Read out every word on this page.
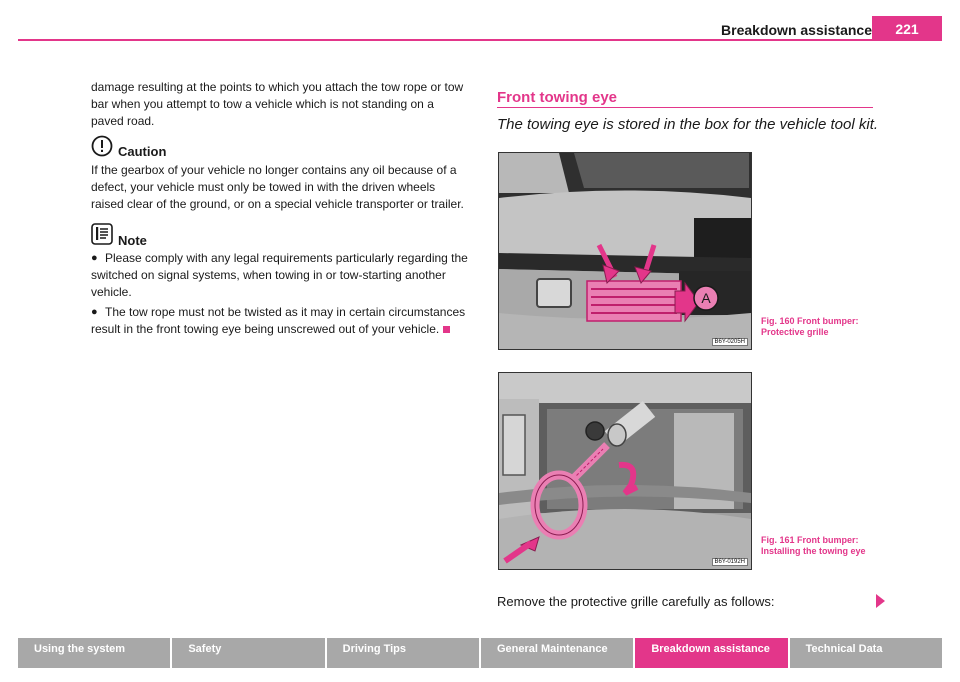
Breakdown assistance	221
damage resulting at the points to which you attach the tow rope or tow bar when you attempt to tow a vehicle which is not standing on a paved road.
Caution
If the gearbox of your vehicle no longer contains any oil because of a defect, your vehicle must only be towed in with the driven wheels raised clear of the ground, or on a special vehicle transporter or trailer.
Note
● Please comply with any legal requirements particularly regarding the switched on signal systems, when towing in or tow-starting another vehicle.
● The tow rope must not be twisted as it may in certain circumstances result in the front towing eye being unscrewed out of your vehicle.
Front towing eye
The towing eye is stored in the box for the vehicle tool kit.
A
B6Y-0205H
Fig. 160 Front bumper: Protective grille
B6Y-0192H
Fig. 161 Front bumper: Installing the towing eye
Remove the protective grille carefully as follows:
Using the system	Safety	Driving Tips	General Maintenance	Breakdown assistance	Technical Data
